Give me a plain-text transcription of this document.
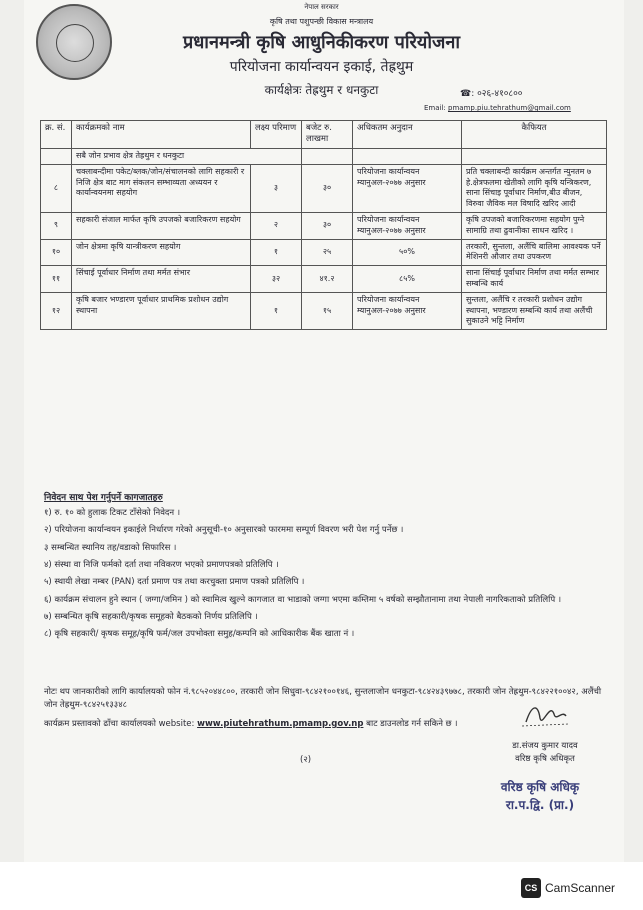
नेपाल सरकार
कृषि तथा पशुपन्छी विकास मन्त्रालय
प्रधानमन्त्री कृषि आधुनिकीकरण परियोजना
परियोजना कार्यान्वयन इकाई, तेह्रथुम
कार्यक्षेत्रः तेह्रथुम र धनकुटा	☎: ०२६-४१०८००
Email: pmamp.piu.tehrathum@gmail.com
क्र. सं.	कार्यक्रमको नाम	लक्ष्य परिमाण	बजेट रु. लाखमा	अधिकतम अनुदान	कैफियत
	सबै जोन प्रभाव क्षेत्र तेह्रथुम र धनकुटा				
८	चक्लाबन्दीमा पकेट/ब्लक/जोन/संचालनको लागि सहकारी र निजि क्षेत्र बाट माग संकलन सम्भाव्यता अध्ययन र कार्यान्वयनमा सहयोग	३	३०	परियोजना कार्यान्वयन म्यानुअल-२०७७ अनुसार	प्रति चक्लाबन्दी कार्यक्रम अन्तर्गत न्युनतम ७ हे.क्षेत्रफलमा खेतीको लागि कृषि यन्त्रिकरण, साना सिंचाइ पूर्वाधार निर्माण,बीउ बीजन, विरुवा जैविक मल विषादि खरिद आदी
९	सहकारी संजाल मार्फत कृषि उपजको बजारिकरण सहयोग	२	३०	परियोजना कार्यान्वयन म्यानुअल-२०७७ अनुसार	कृषि उपजको बजारिकरणमा सहयोग पुग्ने सामाग्रि तथा ढुवानीका साधन खरिद ।
१०	जोन क्षेत्रमा कृषि यान्त्रीकरण सहयोग	१	२५	५०%	तरकारी, सुन्तला, अलैंचि बालिमा आवश्यक पर्ने मेशिनरी औजार तथा उपकरण
११	सिंचाई पूर्वाधार निर्माण तथा मर्मत संभार	३२	४१.२	८५%	साना सिंचाई पूर्वाधार निर्माण तथा मर्मत सम्भार सम्बन्धि कार्य
१२	कृषि बजार भण्डारण पूर्वाधार प्राथमिक प्रशोधन उद्योग स्थापना	१	१५	परियोजना कार्यान्वयन म्यानुअल-२०७७ अनुसार	सुन्तला, अलैंचि र तरकारी प्रशोधन उद्योग स्थापना, भण्डारण सम्बन्धि कार्य तथा अलैंची सुकाउने भट्टि निर्माण
निवेदन साथ पेश गर्नुपर्ने कागजातहरु
१) रु. १० को हुलाक टिकट टाँसेको निवेदन ।
२) परियोजना कार्यान्वयन इकाईले निर्धारण गरेको अनुसूची-१० अनुसारको फारममा सम्पूर्ण विवरण भरी पेश गर्नु पर्नेछ ।
३ सम्बन्धित स्थानिय तह/वडाको सिफारिस ।
४) संस्था वा निजि फर्मको दर्ता तथा नविकरण भएको प्रमाणपत्रको प्रतिलिपि ।
५) स्थायी लेखा नम्बर (PAN) दर्ता प्रमाण पत्र तथा करचुक्ता प्रमाण पत्रको प्रतिलिपि ।
६) कार्यक्रम संचालन हुने स्थान ( जग्गा/जमिन ) को स्वामित्व खुल्ने कागजात वा भाडाको जग्गा भएमा कम्तिमा ५ वर्षको सम्झौतानामा तथा नेपाली नागरिकताको प्रतिलिपि ।
७) सम्बन्धित कृषि सहकारी/कृषक समूहको बैठकको निर्णय प्रतिलिपि ।
८) कृषि सहकारी/ कृषक समूह/कृषि फर्म/जल उपभोक्ता समुह/कम्पनि को आधिकारीक बैंक खाता नं ।
नोटः थप जानकारीको लागि कार्यालयको फोन नं.९८५२०४४८००, तरकारी जोन सिधुवा-९८४२१००१४६, सुन्तलाजोन धनकुटा-९८४२४३९७७८, तरकारी जोन तेह्रथुम-९८४२२१००४२, अलैंची जोन तेह्रथुम-९८४२५१३३४८
कार्यक्रम प्रस्तावको ढाँचा कार्यालयको website: www.piutehrathum.pmamp.gov.np बाट डाउनलोड गर्न सकिने छ ।
डा.संजय कुमार यादव
वरिष्ठ कृषि अधिकृत
(२)
वरिष्ठ कृषि अधिकृ
रा.प.द्वि. (प्रा.)
CS CamScanner
